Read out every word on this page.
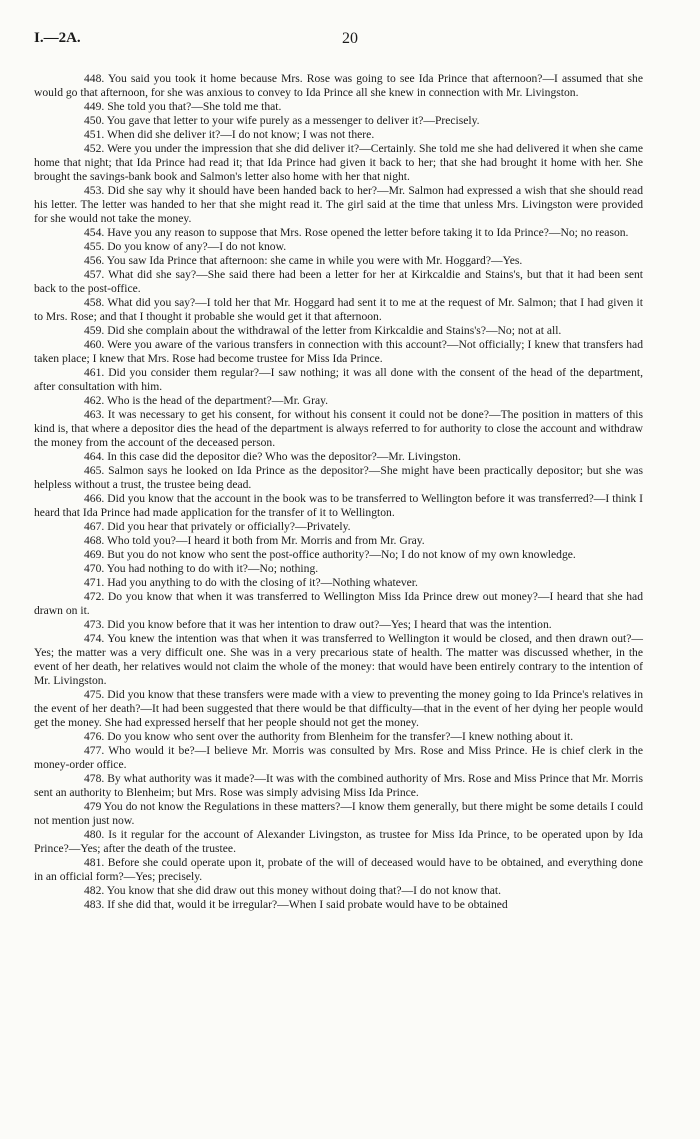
I.—2A.	20

448. You said you took it home because Mrs. Rose was going to see Ida Prince that afternoon?—I assumed that she would go that afternoon, for she was anxious to convey to Ida Prince all she knew in connection with Mr. Livingston.

449. She told you that?—She told me that.

450. You gave that letter to your wife purely as a messenger to deliver it?—Precisely.

451. When did she deliver it?—I do not know; I was not there.

452. Were you under the impression that she did deliver it?—Certainly. She told me she had delivered it when she came home that night; that Ida Prince had read it; that Ida Prince had given it back to her; that she had brought it home with her. She brought the savings-bank book and Salmon's letter also home with her that night.

453. Did she say why it should have been handed back to her?—Mr. Salmon had expressed a wish that she should read his letter. The letter was handed to her that she might read it. The girl said at the time that unless Mrs. Livingston were provided for she would not take the money.

454. Have you any reason to suppose that Mrs. Rose opened the letter before taking it to Ida Prince?—No; no reason.

455. Do you know of any?—I do not know.

456. You saw Ida Prince that afternoon: she came in while you were with Mr. Hoggard?—Yes.

457. What did she say?—She said there had been a letter for her at Kirkcaldie and Stains's, but that it had been sent back to the post-office.

458. What did you say?—I told her that Mr. Hoggard had sent it to me at the request of Mr. Salmon; that I had given it to Mrs. Rose; and that I thought it probable she would get it that afternoon.

459. Did she complain about the withdrawal of the letter from Kirkcaldie and Stains's?—No; not at all.

460. Were you aware of the various transfers in connection with this account?—Not officially; I knew that transfers had taken place; I knew that Mrs. Rose had become trustee for Miss Ida Prince.

461. Did you consider them regular?—I saw nothing; it was all done with the consent of the head of the department, after consultation with him.

462. Who is the head of the department?—Mr. Gray.

463. It was necessary to get his consent, for without his consent it could not be done?—The position in matters of this kind is, that where a depositor dies the head of the department is always referred to for authority to close the account and withdraw the money from the account of the deceased person.

464. In this case did the depositor die? Who was the depositor?—Mr. Livingston.

465. Salmon says he looked on Ida Prince as the depositor?—She might have been practically depositor; but she was helpless without a trust, the trustee being dead.

466. Did you know that the account in the book was to be transferred to Wellington before it was transferred?—I think I heard that Ida Prince had made application for the transfer of it to Wellington.

467. Did you hear that privately or officially?—Privately.

468. Who told you?—I heard it both from Mr. Morris and from Mr. Gray.

469. But you do not know who sent the post-office authority?—No; I do not know of my own knowledge.

470. You had nothing to do with it?—No; nothing.

471. Had you anything to do with the closing of it?—Nothing whatever.

472. Do you know that when it was transferred to Wellington Miss Ida Prince drew out money?—I heard that she had drawn on it.

473. Did you know before that it was her intention to draw out?—Yes; I heard that was the intention.

474. You knew the intention was that when it was transferred to Wellington it would be closed, and then drawn out?—Yes; the matter was a very difficult one. She was in a very precarious state of health. The matter was discussed whether, in the event of her death, her relatives would not claim the whole of the money: that would have been entirely contrary to the intention of Mr. Livingston.

475. Did you know that these transfers were made with a view to preventing the money going to Ida Prince's relatives in the event of her death?—It had been suggested that there would be that difficulty—that in the event of her dying her people would get the money. She had expressed herself that her people should not get the money.

476. Do you know who sent over the authority from Blenheim for the transfer?—I knew nothing about it.

477. Who would it be?—I believe Mr. Morris was consulted by Mrs. Rose and Miss Prince. He is chief clerk in the money-order office.

478. By what authority was it made?—It was with the combined authority of Mrs. Rose and Miss Prince that Mr. Morris sent an authority to Blenheim; but Mrs. Rose was simply advising Miss Ida Prince.

479 You do not know the Regulations in these matters?—I know them generally, but there might be some details I could not mention just now.

480. Is it regular for the account of Alexander Livingston, as trustee for Miss Ida Prince, to be operated upon by Ida Prince?—Yes; after the death of the trustee.

481. Before she could operate upon it, probate of the will of deceased would have to be obtained, and everything done in an official form?—Yes; precisely.

482. You know that she did draw out this money without doing that?—I do not know that.

483. If she did that, would it be irregular?—When I said probate would have to be obtained
